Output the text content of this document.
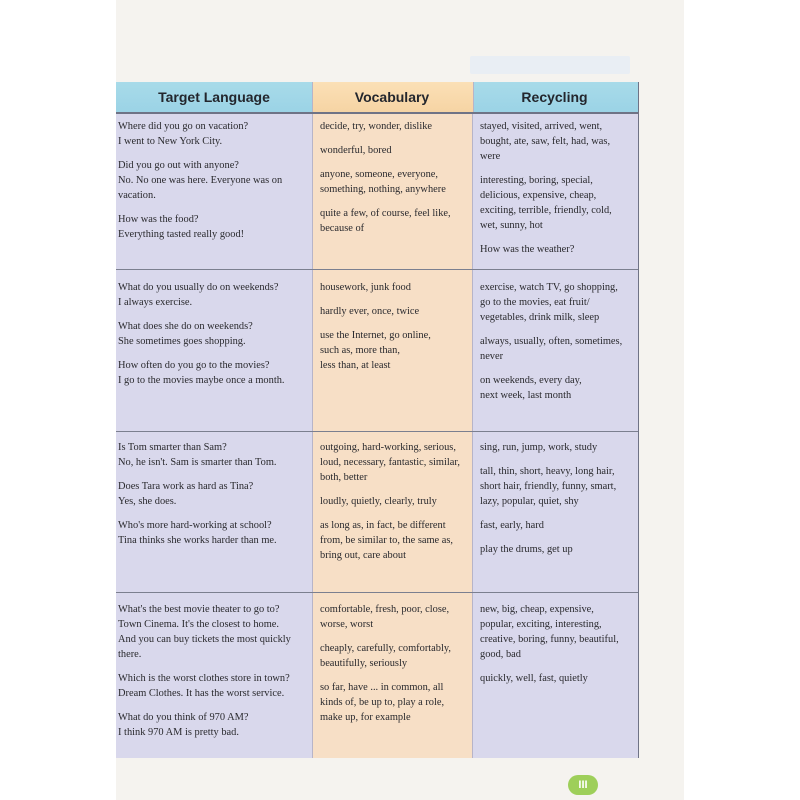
Target Language	Vocabulary	Recycling

Where did you go on vacation?
I went to New York City.

Did you go out with anyone?
No. No one was here. Everyone was on
vacation.

How was the food?
Everything tasted really good!

decide, try, wonder, dislike

wonderful, bored

anyone, someone, everyone,
something, nothing, anywhere

quite a few, of course, feel like,
because of

stayed, visited, arrived, went,
bought, ate, saw, felt, had, was,
were

interesting, boring, special,
delicious, expensive, cheap,
exciting, terrible, friendly, cold,
wet, sunny, hot

How was the weather?

What do you usually do on weekends?
I always exercise.

What does she do on weekends?
She sometimes goes shopping.

How often do you go to the movies?
I go to the movies maybe once a month.

housework, junk food

hardly ever, once, twice

use the Internet, go online,
such as, more than,
less than, at least

exercise, watch TV, go shopping,
go to the movies, eat fruit/
vegetables, drink milk, sleep

always, usually, often, sometimes,
never

on weekends, every day,
next week, last month

Is Tom smarter than Sam?
No, he isn't. Sam is smarter than Tom.

Does Tara work as hard as Tina?
Yes, she does.

Who's more hard-working at school?
Tina thinks she works harder than me.

outgoing, hard-working, serious,
loud, necessary, fantastic, similar,
both, better

loudly, quietly, clearly, truly

as long as, in fact, be different
from, be similar to, the same as,
bring out, care about

sing, run, jump, work, study

tall, thin, short, heavy, long hair,
short hair, friendly, funny, smart,
lazy, popular, quiet, shy

fast, early, hard

play the drums, get up

What's the best movie theater to go to?
Town Cinema. It's the closest to home.
And you can buy tickets the most quickly
there.

Which is the worst clothes store in town?
Dream Clothes. It has the worst service.

What do you think of 970 AM?
I think 970 AM is pretty bad.

comfortable, fresh, poor, close,
worse, worst

cheaply, carefully, comfortably,
beautifully, seriously

so far, have ... in common, all
kinds of, be up to, play a role,
make up, for example

new, big, cheap, expensive,
popular, exciting, interesting,
creative, boring, funny, beautiful,
good, bad

quickly, well, fast, quietly

III
